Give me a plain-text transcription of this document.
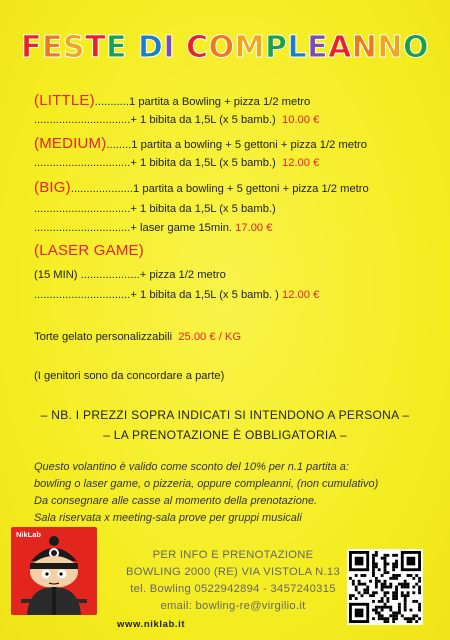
FESTE DI COMPLEANNO
(LITTLE)...........1 partita a Bowling + pizza 1/2 metro
...............................+ 1 bibita da 1,5L (x 5 bamb.) 10.00 €
(MEDIUM)........1 partita a bowling + 5 gettoni + pizza 1/2 metro
...............................+ 1 bibita da 1,5L (x 5 bamb.) 12.00 €
(BIG)....................1 partita a bowling + 5 gettoni + pizza 1/2 metro
...............................+ 1 bibita da 1,5L (x 5 bamb.)
...............................+ laser game 15min. 17.00 €
(LASER GAME)
(15 MIN) ...................+ pizza 1/2 metro
...............................+ 1 bibita da 1,5L (x 5 bamb. ) 12.00 €
Torte gelato personalizzabili 25.00 € / KG
(I genitori sono da concordare a parte)
– NB. I PREZZI SOPRA INDICATI SI INTENDONO A PERSONA –
– LA PRENOTAZIONE È OBBLIGATORIA –
Questo volantino è valido come sconto del 10% per n.1 partita a:
bowling o laser game, o pizzeria, oppure compleanni, (non cumulativo)
Da consegnare alle casse al momento della prenotazione.
Sala riservata x meeting-sala prove per gruppi musicali
NikLab
PER INFO E PRENOTAZIONE
BOWLING 2000 (RE) VIA VISTOLA N.13
tel. Bowling 0522942894 - 3457240315
email: bowling-re@virgilio.it
www.niklab.it
